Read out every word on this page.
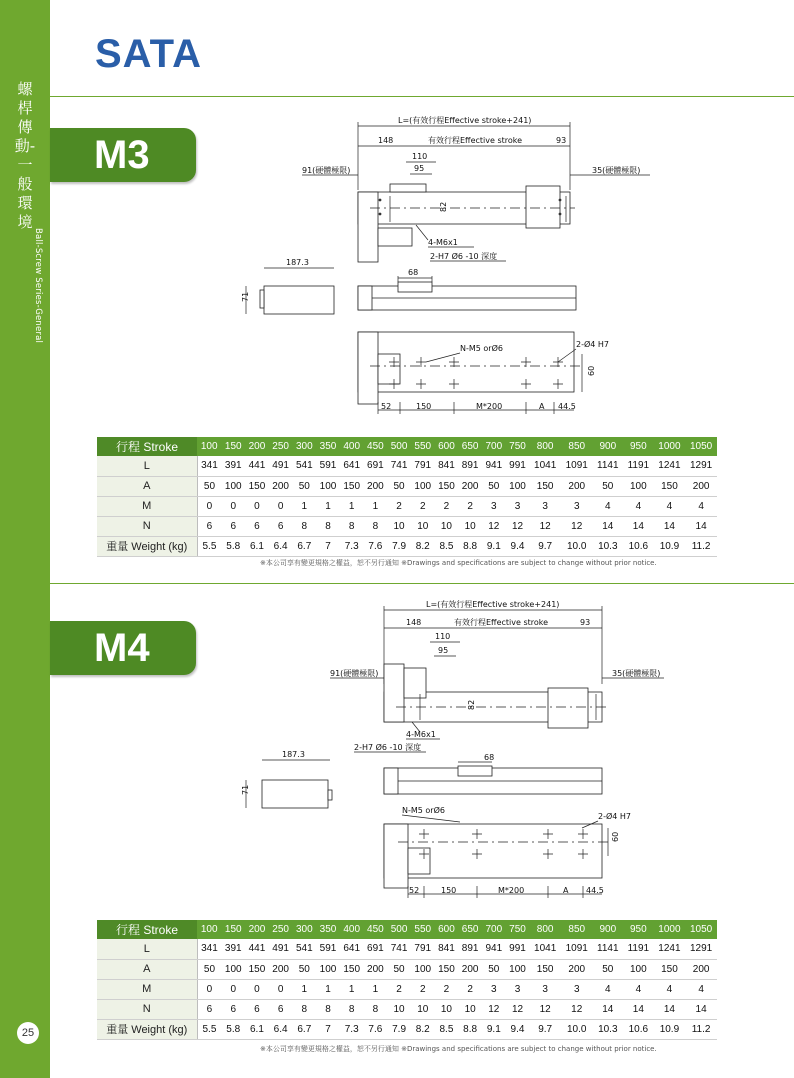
螺桿傳動-一般環境
Ball-Screw Series-General
25
SATA
M3
M4
L=(有效行程Effective stroke+241)
148	有效行程Effective stroke	93
110
95
91(硬體極限)	35(硬體極限)
82
4-M6x1
2-H7 Ø6 -10 深度
187.3
71
68
N-M5 orØ6	2-Ø4 H7
60
52	150	M*200	A 44.5
行程 Stroke	100	150	200	250	300	350	400	450	500	550	600	650	700	750	800	850	900	950	1000	1050
L	341	391	441	491	541	591	641	691	741	791	841	891	941	991	1041	1091	1141	1191	1241	1291
A	50	100	150	200	50	100	150	200	50	100	150	200	50	100	150	200	50	100	150	200
M	0	0	0	0	1	1	1	1	2	2	2	2	3	3	3	3	4	4	4	4
N	6	6	6	6	8	8	8	8	10	10	10	10	12	12	12	12	14	14	14	14
重量 Weight (kg)	5.5	5.8	6.1	6.4	6.7	7	7.3	7.6	7.9	8.2	8.5	8.8	9.1	9.4	9.7	10.0	10.3	10.6	10.9	11.2
※本公司享有變更規格之權益，恕不另行通知 ※Drawings and specifications are subject to change without prior notice.
L=(有效行程Effective stroke+241)
148	有效行程Effective stroke	93
110
95
91(硬體極限)	35(硬體極限)
82
4-M6x1
2-H7 Ø6 -10 深度
187.3
71
68
N-M5 orØ6
2-Ø4 H7
60
52	150	M*200	A 44.5
行程 Stroke	100	150	200	250	300	350	400	450	500	550	600	650	700	750	800	850	900	950	1000	1050
L	341	391	441	491	541	591	641	691	741	791	841	891	941	991	1041	1091	1141	1191	1241	1291
A	50	100	150	200	50	100	150	200	50	100	150	200	50	100	150	200	50	100	150	200
M	0	0	0	0	1	1	1	1	2	2	2	2	3	3	3	3	4	4	4	4
N	6	6	6	6	8	8	8	8	10	10	10	10	12	12	12	12	14	14	14	14
重量 Weight (kg)	5.5	5.8	6.1	6.4	6.7	7	7.3	7.6	7.9	8.2	8.5	8.8	9.1	9.4	9.7	10.0	10.3	10.6	10.9	11.2
※本公司享有變更規格之權益，恕不另行通知 ※Drawings and specifications are subject to change without prior notice.
